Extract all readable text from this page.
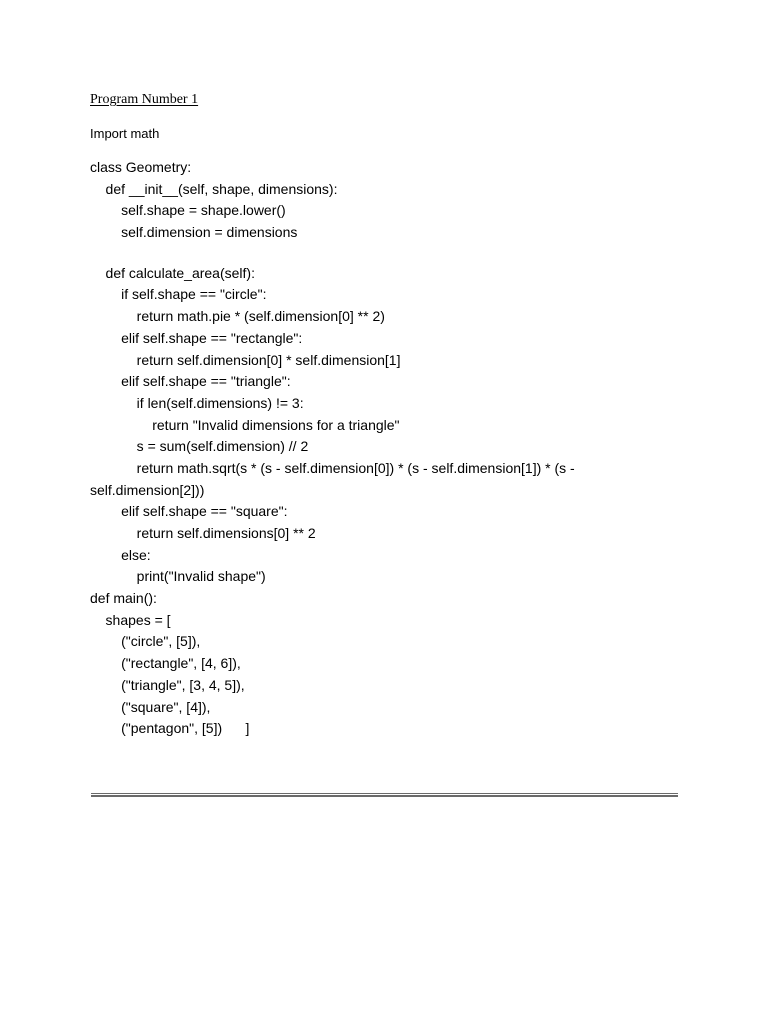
Program Number 1
Import math
class Geometry:
def __init__(self, shape, dimensions):
self.shape = shape.lower()
self.dimension = dimensions
def calculate_area(self):
if self.shape == "circle":
return math.pie * (self.dimension[0] ** 2)
elif self.shape == "rectangle":
return self.dimension[0] * self.dimension[1]
elif self.shape == "triangle":
if len(self.dimensions) != 3:
return "Invalid dimensions for a triangle"
s = sum(self.dimension) // 2
return math.sqrt(s * (s - self.dimension[0]) * (s - self.dimension[1]) * (s -
self.dimension[2]))
elif self.shape == "square":
return self.dimensions[0] ** 2
else:
print("Invalid shape")
def main():
shapes = [
("circle", [5]),
("rectangle", [4, 6]),
("triangle", [3, 4, 5]),
("square", [4]),
("pentagon", [5])      ]
